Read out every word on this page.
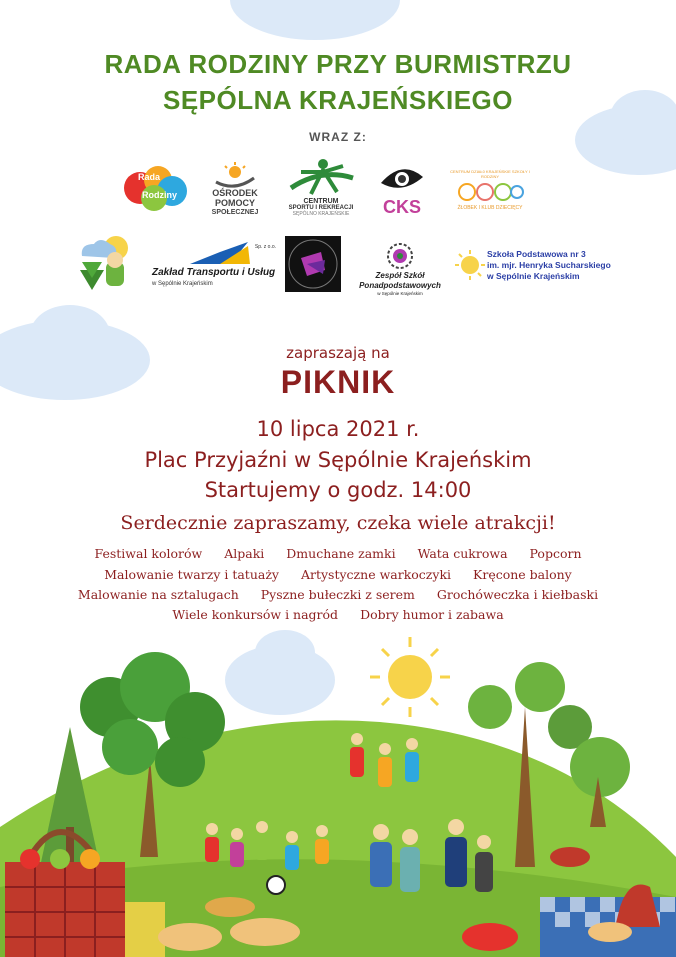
RADA RODZINY PRZY BURMISTRZU
SĘPÓLNA KRAJEŃSKIEGO
WRAZ Z:
Rada
Rodziny	OŚRODEK
POMOCY
SPOŁECZNEJ
CENTRUM
SPORTU I REKREACJI
SĘPÓLNO KRAJEŃSKIE CKS
CENTRUM DZIAŁ0 KRAJEŃSKIE SZKOŁY I RODZINY
ŻŁOBEK I KLUB DZIECIĘCY
Sp. z o.o.
Zakład Transportu i Usług
w Sępólnie Krajeńskim
Zespół Szkół
Ponadpodstawowych
w Sępólnie Krajeńskim
Szkoła Podstawowa nr 3
im. mjr. Henryka Sucharskiego
w Sępólnie Krajeńskim
zapraszają na
PIKNIK
10 lipca 2021 r.
Plac Przyjaźni w Sępólnie Krajeńskim
Startujemy o godz. 14:00
Serdecznie zapraszamy, czeka wiele atrakcji!
Festiwal kolorów Alpaki Dmuchane zamki Wata cukrowa Popcorn
Malowanie twarzy i tatuaży Artystyczne warkoczyki Kręcone balony
Malowanie na sztalugach Pyszne bułeczki z serem Grochóweczka i kiełbaski
Wiele konkursów i nagród Dobry humor i zabawa
